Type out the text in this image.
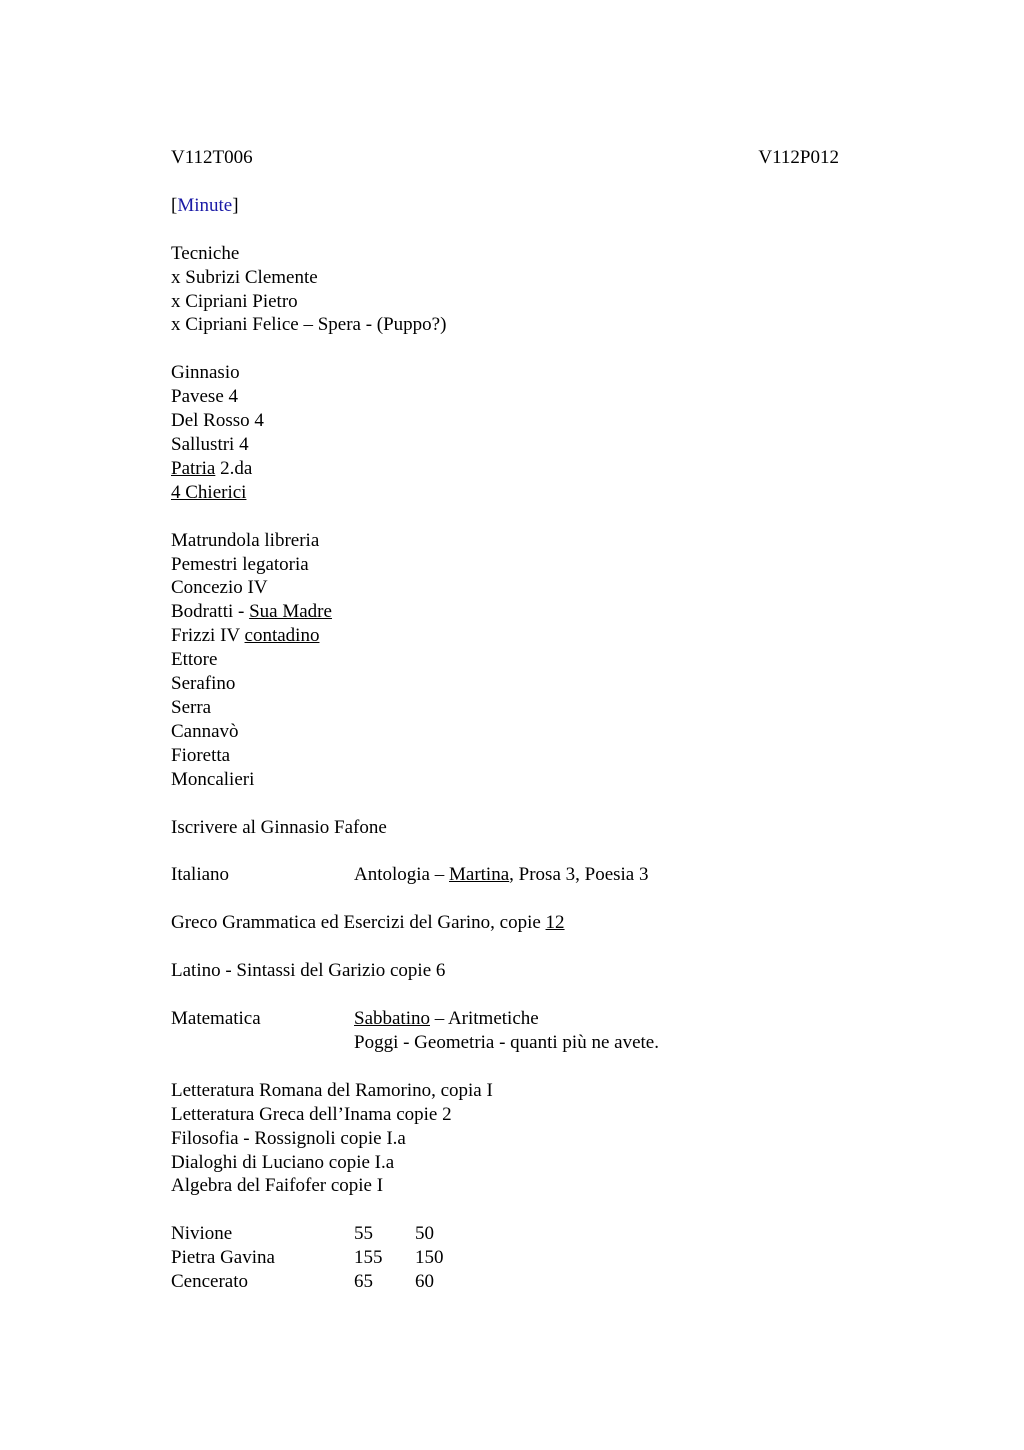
V112T006	V112P012
[Minute]
Tecniche
x Subrizi Clemente
x Cipriani Pietro
x Cipriani Felice – Spera - (Puppo?)
Ginnasio
Pavese 4
Del Rosso 4
Sallustri 4
Patria 2.da
4 Chierici
Matrundola libreria
Pemestri legatoria
Concezio IV
Bodratti - Sua Madre
Frizzi IV contadino
Ettore
Serafino
Serra
Cannavò
Fioretta
Moncalieri
Iscrivere al Ginnasio Fafone
Italiano	Antologia – Martina, Prosa 3, Poesia 3
Greco Grammatica ed Esercizi del Garino, copie 12
Latino - Sintassi del Garizio copie 6
Matematica	Sabbatino – Aritmetiche
Poggi - Geometria - quanti più ne avete.
Letteratura Romana del Ramorino, copia I
Letteratura Greca dell’Inama copie 2
Filosofia - Rossignoli copie I.a
Dialoghi di Luciano copie I.a
Algebra del Faifofer copie I
Nivione	55	50
Pietra Gavina	155	150
Cencerato	65	60
